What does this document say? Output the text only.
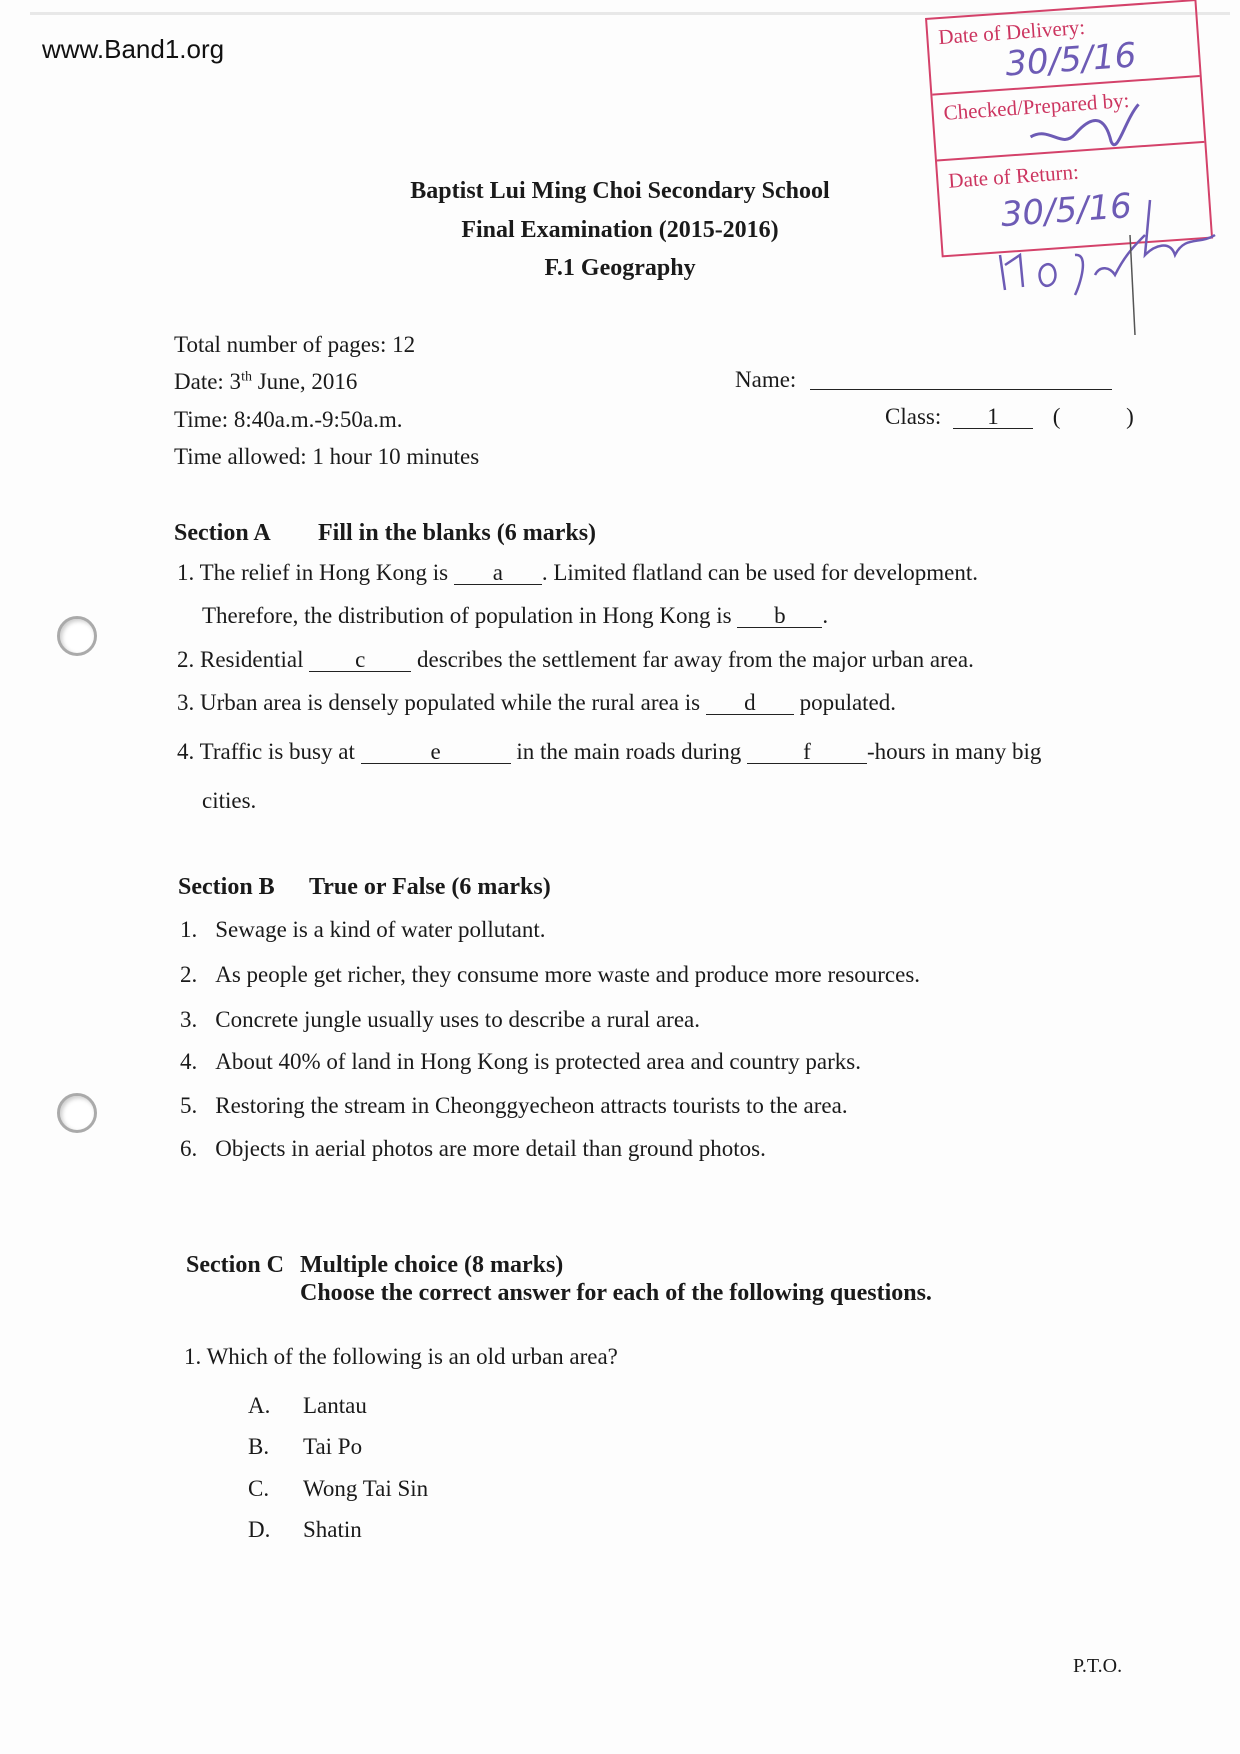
www.Band1.org	Date of Delivery:
30/5/16
Checked/Prepared by:
Date of Return:
30/5/16
Baptist Lui Ming Choi Secondary School
Final Examination (2015-2016)
F.1 Geography
Total number of pages: 12
Date: 3th June, 2016
Time: 8:40a.m.-9:50a.m.
Time allowed: 1 hour 10 minutes
Name:
Class: 1 (	)
Section A Fill in the blanks (6 marks)
1. The relief in Hong Kong is a . Limited flatland can be used for development.
Therefore, the distribution of population in Hong Kong is b .
2. Residential c describes the settlement far away from the major urban area.
3. Urban area is densely populated while the rural area is d populated.
4. Traffic is busy at	e	in the main roads during	f -hours in many big
cities.
Section B True or False (6 marks)
1. Sewage is a kind of water pollutant.
2. As people get richer, they consume more waste and produce more resources.
3. Concrete jungle usually uses to describe a rural area.
4. About 40% of land in Hong Kong is protected area and country parks.
5. Restoring the stream in Cheonggyecheon attracts tourists to the area.
6. Objects in aerial photos are more detail than ground photos.
Section C Multiple choice (8 marks)
Choose the correct answer for each of the following questions.
1. Which of the following is an old urban area?
A. Lantau
B. Tai Po
C. Wong Tai Sin
D. Shatin
P.T.O.
